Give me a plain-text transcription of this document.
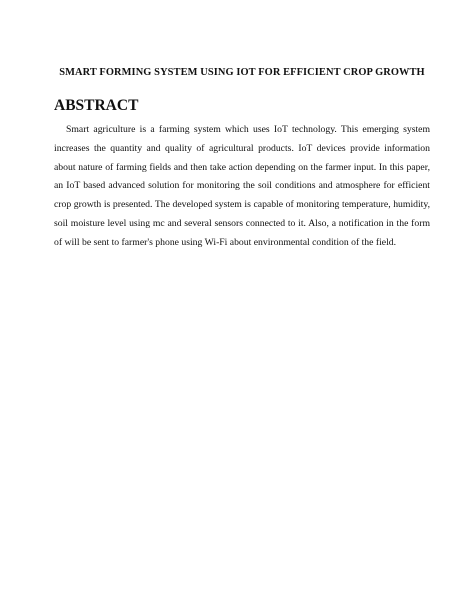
SMART FORMING SYSTEM USING IOT FOR EFFICIENT CROP GROWTH
ABSTRACT

Smart agriculture is a farming system which uses IoT technology. This emerging system increases the quantity and quality of agricultural products. IoT devices provide information about nature of farming fields and then take action depending on the farmer input. In this paper, an IoT based advanced solution for monitoring the soil conditions and atmosphere for efficient crop growth is presented. The developed system is capable of monitoring temperature, humidity, soil moisture level using mc and several sensors connected to it. Also, a notification in the form of will be sent to farmer's phone using Wi-Fi about environmental condition of the field.
